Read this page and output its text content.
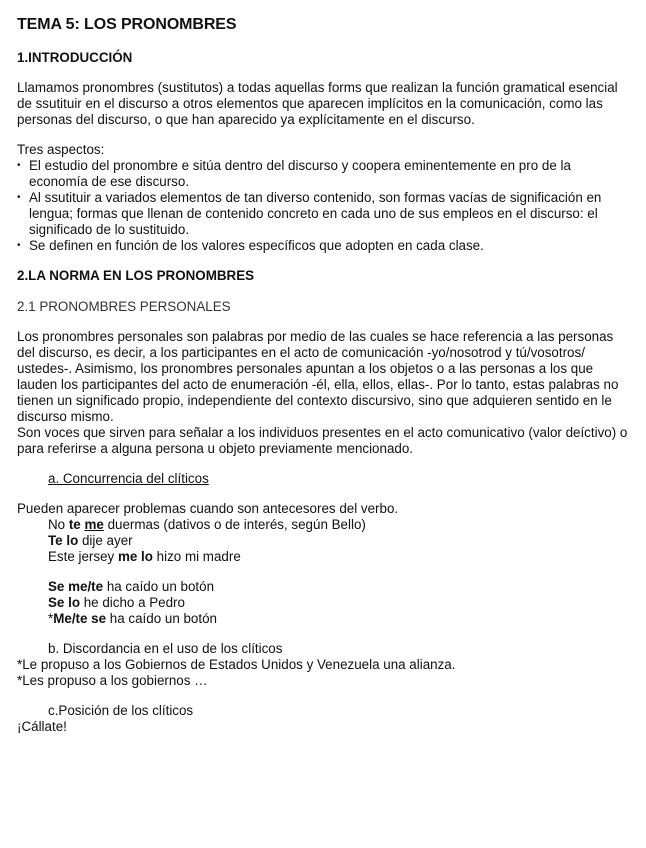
TEMA 5: LOS PRONOMBRES
1.INTRODUCCIÓN

Llamamos pronombres (sustitutos) a todas aquellas forms que realizan la función gramatical esencial de ssutituir en el discurso a otros elementos que aparecen implícitos en la comunicación, como las personas del discurso, o que han aparecido ya explícitamente en el discurso.

Tres aspectos:

• El estudio del pronombre e sitúa dentro del discurso y coopera eminentemente en pro de la economía de ese discurso.
• Al ssutituir a variados elementos de tan diverso contenido, son formas vacías de significación en lengua; formas que llenan de contenido concreto en cada uno de sus empleos en el discurso: el significado de lo sustituido.
• Se definen en función de los valores específicos que adopten en cada clase.
2.LA NORMA EN LOS PRONOMBRES

2.1 PRONOMBRES PERSONALES

Los pronombres personales son palabras por medio de las cuales se hace referencia a las personas del discurso, es decir, a los participantes en el acto de comunicación -yo/nosotrod y tú/vosotros/ ustedes-. Asimismo, los pronombres personales apuntan a los objetos o a las personas a los que lauden los participantes del acto de enumeración -él, ella, ellos, ellas-. Por lo tanto, estas palabras no tienen un significado propio, independiente del contexto discursivo, sino que adquieren sentido en le discurso mismo.

Son voces que sirven para señalar a los individuos presentes en el acto comunicativo (valor deíctivo) o para referirse a alguna persona u objeto previamente mencionado.

a. Concurrencia del clíticos

Pueden aparecer problemas cuando son antecesores del verbo.

No te me duermas (dativos o de interés, según Bello)

Te lo dije ayer

Este jersey me lo hizo mi madre

Se me/te ha caído un botón

Se lo he dicho a Pedro

*Me/te se ha caído un botón

b. Discordancia en el uso de los clíticos

*Le propuso a los Gobiernos de Estados Unidos y Venezuela una alianza.

*Les propuso a los gobiernos …

c.Posición de los clíticos

¡Cállate!
